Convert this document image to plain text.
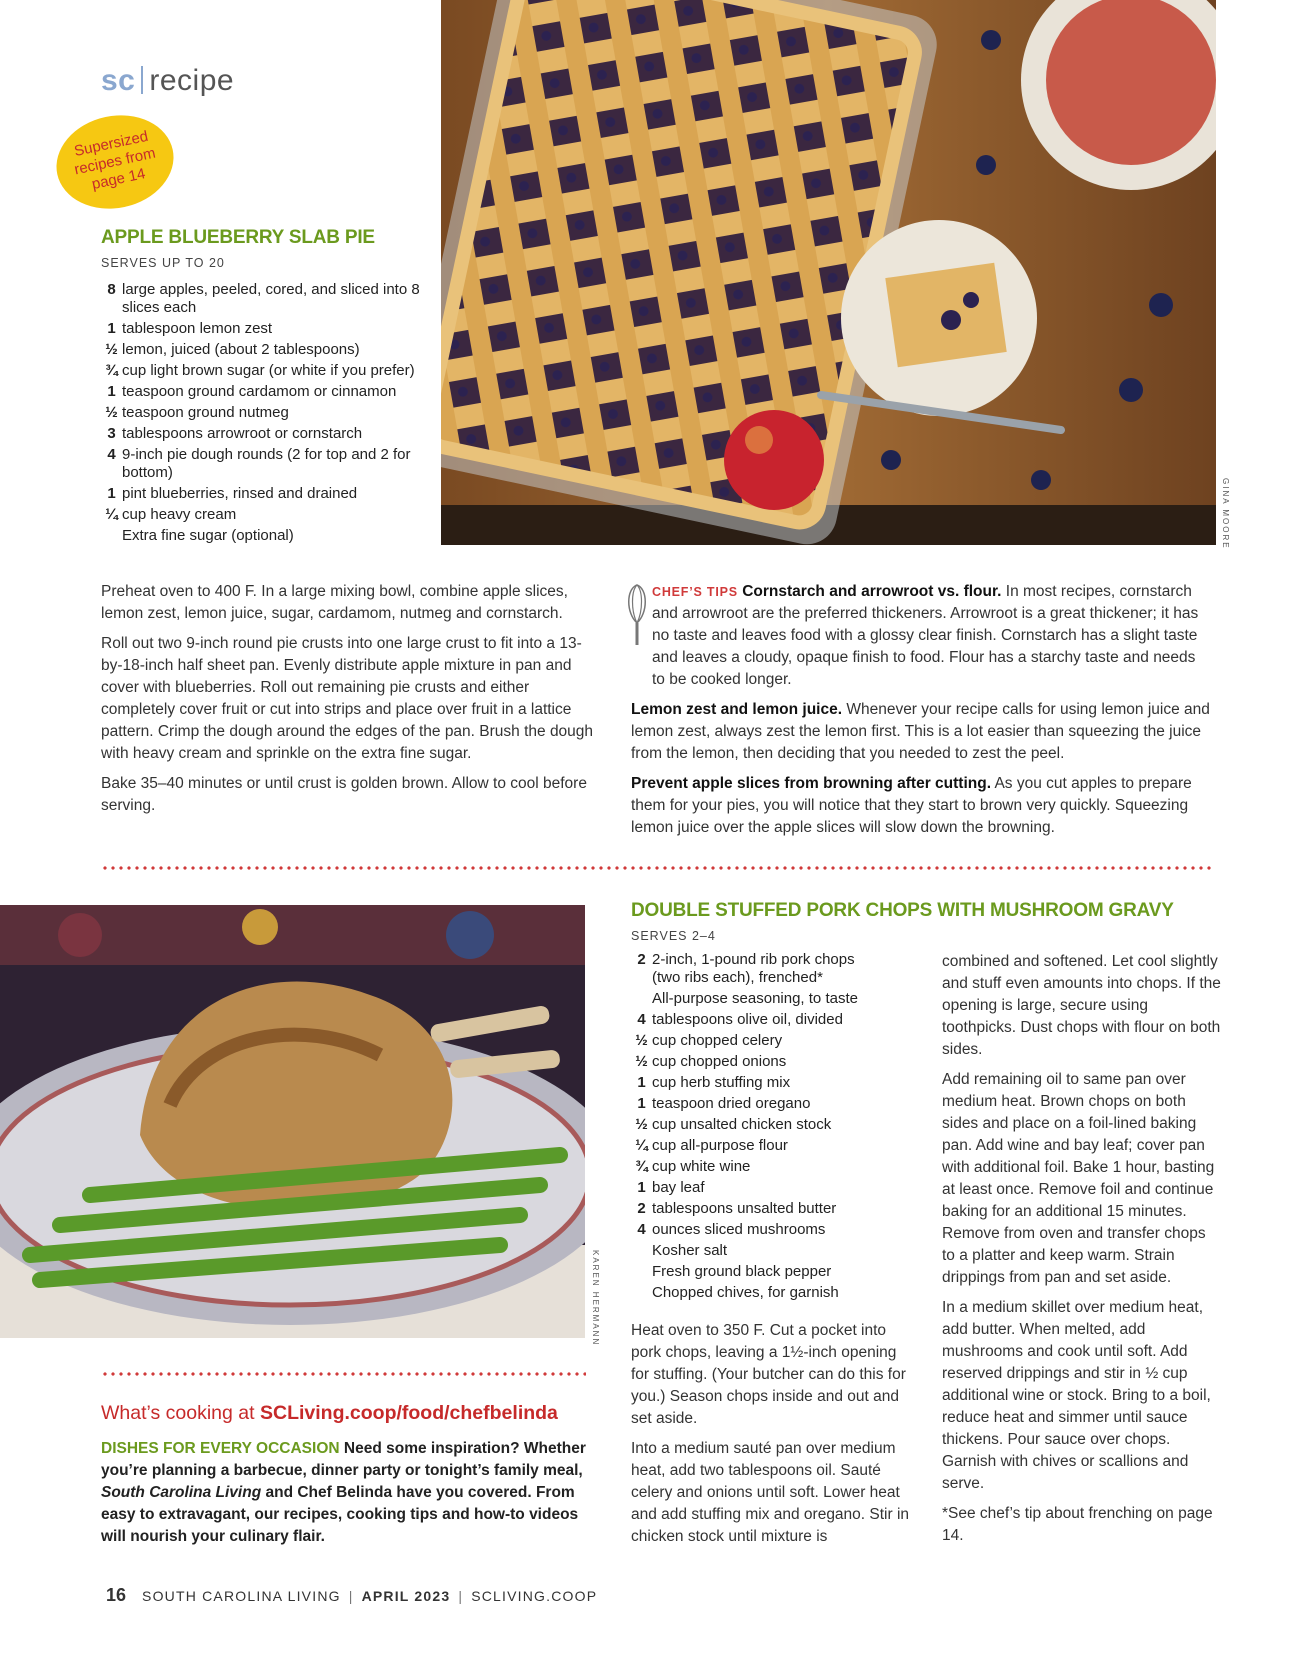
sc recipe
Supersized recipes from page 14
GINA MOORE
APPLE BLUEBERRY SLAB PIE
SERVES UP TO 20
8 large apples, peeled, cored, and sliced into 8 slices each
1 tablespoon lemon zest
½ lemon, juiced (about 2 tablespoons)
¾ cup light brown sugar (or white if you prefer)
1 teaspoon ground cardamom or cinnamon
½ teaspoon ground nutmeg
3 tablespoons arrowroot or cornstarch
4 9-inch pie dough rounds (2 for top and 2 for bottom)
1 pint blueberries, rinsed and drained
¼ cup heavy cream
Extra fine sugar (optional)

Preheat oven to 400 F. In a large mixing bowl, combine apple slices, lemon zest, lemon juice, sugar, cardamom, nutmeg and cornstarch.

Roll out two 9-inch round pie crusts into one large crust to fit into a 13-by-18-inch half sheet pan. Evenly distribute apple mixture in pan and cover with blueberries. Roll out remaining pie crusts and either completely cover fruit or cut into strips and place over fruit in a lattice pattern. Crimp the dough around the edges of the pan. Brush the dough with heavy cream and sprinkle on the extra fine sugar.

Bake 35–40 minutes or until crust is golden brown. Allow to cool before serving.

CHEF’S TIPS Cornstarch and arrowroot vs. flour. In most recipes, cornstarch and arrowroot are the preferred thickeners. Arrowroot is a great thickener; it has no taste and leaves food with a glossy clear finish. Cornstarch has a slight taste and leaves a cloudy, opaque finish to food. Flour has a starchy taste and needs to be cooked longer.

Lemon zest and lemon juice. Whenever your recipe calls for using lemon juice and lemon zest, always zest the lemon first. This is a lot easier than squeezing the juice from the lemon, then deciding that you needed to zest the peel.

Prevent apple slices from browning after cutting. As you cut apples to prepare them for your pies, you will notice that they start to brown very quickly. Squeezing lemon juice over the apple slices will slow down the browning.

KAREN HERMANN
DOUBLE STUFFED PORK CHOPS WITH MUSHROOM GRAVY
SERVES 2–4
2 2-inch, 1-pound rib pork chops (two ribs each), frenched*
All-purpose seasoning, to taste
4 tablespoons olive oil, divided
½ cup chopped celery
½ cup chopped onions
1 cup herb stuffing mix
1 teaspoon dried oregano
½ cup unsalted chicken stock
¼ cup all-purpose flour
¾ cup white wine
1 bay leaf
2 tablespoons unsalted butter
4 ounces sliced mushrooms
Kosher salt
Fresh ground black pepper
Chopped chives, for garnish

Heat oven to 350 F. Cut a pocket into pork chops, leaving a 1½-inch opening for stuffing. (Your butcher can do this for you.) Season chops inside and out and set aside.

Into a medium sauté pan over medium heat, add two tablespoons oil. Sauté celery and onions until soft. Lower heat and add stuffing mix and oregano. Stir in chicken stock until mixture is

combined and softened. Let cool slightly and stuff even amounts into chops. If the opening is large, secure using toothpicks. Dust chops with flour on both sides.

Add remaining oil to same pan over medium heat. Brown chops on both sides and place on a foil-lined baking pan. Add wine and bay leaf; cover pan with additional foil. Bake 1 hour, basting at least once. Remove foil and continue baking for an additional 15 minutes. Remove from oven and transfer chops to a platter and keep warm. Strain drippings from pan and set aside.

In a medium skillet over medium heat, add butter. When melted, add mushrooms and cook until soft. Add reserved drippings and stir in ½ cup additional wine or stock. Bring to a boil, reduce heat and simmer until sauce thickens. Pour sauce over chops. Garnish with chives or scallions and serve.

*See chef’s tip about frenching on page 14.

What’s cooking at SCLiving.coop/food/chefbelinda
DISHES FOR EVERY OCCASION Need some inspiration? Whether you’re planning a barbecue, dinner party or tonight’s family meal, South Carolina Living and Chef Belinda have you covered. From easy to extravagant, our recipes, cooking tips and how-to videos will nourish your culinary flair.
16 SOUTH CAROLINA LIVING | APRIL 2023 | SCLIVING.COOP
